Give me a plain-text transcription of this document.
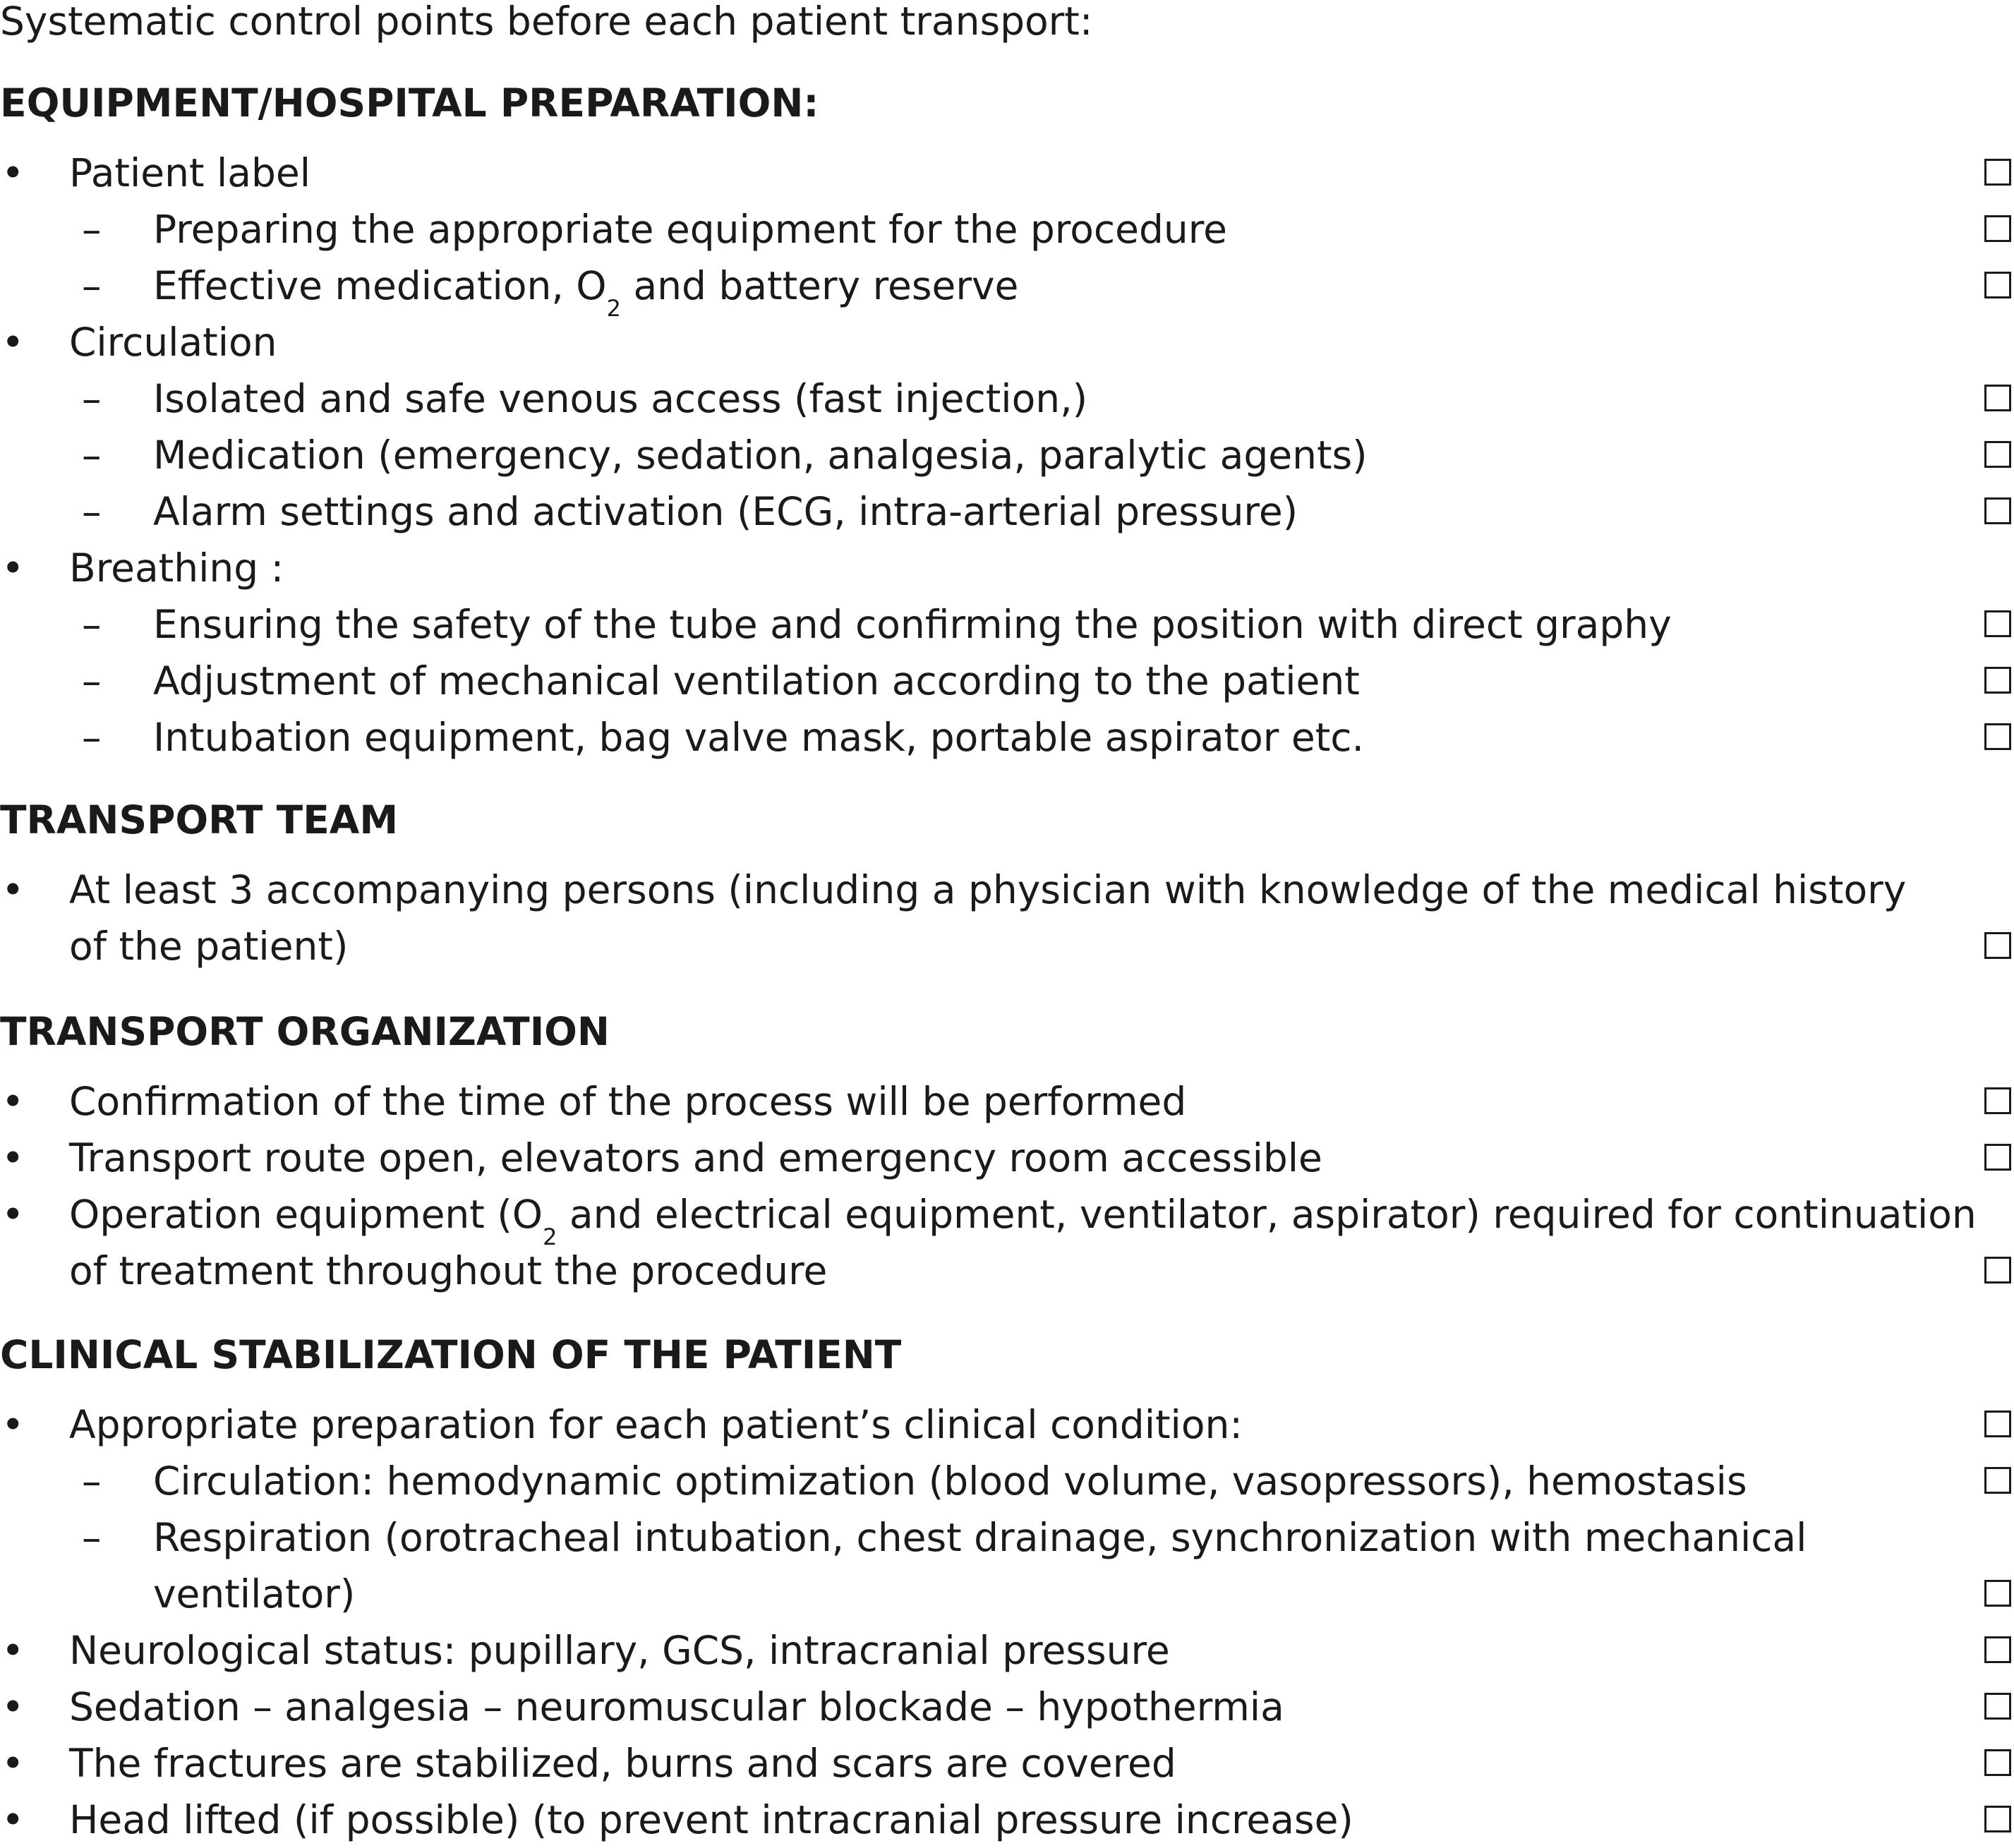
Systematic control points before each patient transport:
EQUIPMENT/HOSPITAL PREPARATION:
• Patient label
– Preparing the appropriate equipment for the procedure
– Effective medication, $O_2$ and battery reserve
• Circulation
– Isolated and safe venous access (fast injection,)
– Medication (emergency, sedation, analgesia, paralytic agents)
– Alarm settings and activation (ECG, intra-arterial pressure)
• Breathing :
– Ensuring the safety of the tube and confirming the position with direct graphy
– Adjustment of mechanical ventilation according to the patient
– Intubation equipment, bag valve mask, portable aspirator etc.
TRANSPORT TEAM
• At least 3 accompanying persons (including a physician with knowledge of the medical history
of the patient)
TRANSPORT ORGANIZATION
• Confirmation of the time of the process will be performed
• Transport route open, elevators and emergency room accessible
• Operation equipment ($O_2$ and electrical equipment, ventilator, aspirator) required for continuation
of treatment throughout the procedure
CLINICAL STABILIZATION OF THE PATIENT
• Appropriate preparation for each patient’s clinical condition:
– Circulation: hemodynamic optimization (blood volume, vasopressors), hemostasis
– Respiration (orotracheal intubation, chest drainage, synchronization with mechanical
ventilator)
• Neurological status: pupillary, GCS, intracranial pressure
• Sedation – analgesia – neuromuscular blockade – hypothermia
• The fractures are stabilized, burns and scars are covered
• Head lifted (if possible) (to prevent intracranial pressure increase)
